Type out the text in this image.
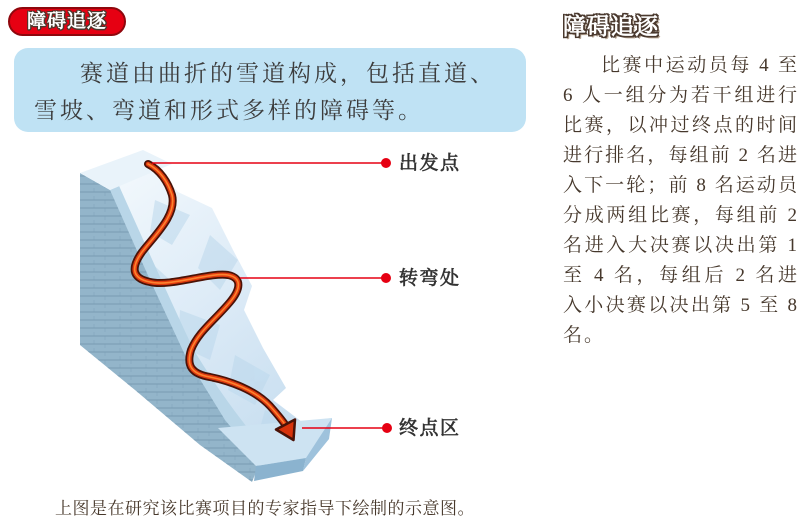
障碍追逐

赛道由曲折的雪道构成，包括直道、雪坡、弯道和形式多样的障碍等。

出发点
转弯处
终点区
上图是在研究该比赛项目的专家指导下绘制的示意图。
障碍追逐

比赛中运动员每 4 至 6 人一组分为若干组进行比赛，以冲过终点的时间进行排名，每组前 2 名进入下一轮；前 8 名运动员分成两组比赛，每组前 2 名进入大决赛以决出第 1 至 4 名，每组后 2 名进入小决赛以决出第 5 至 8 名。
